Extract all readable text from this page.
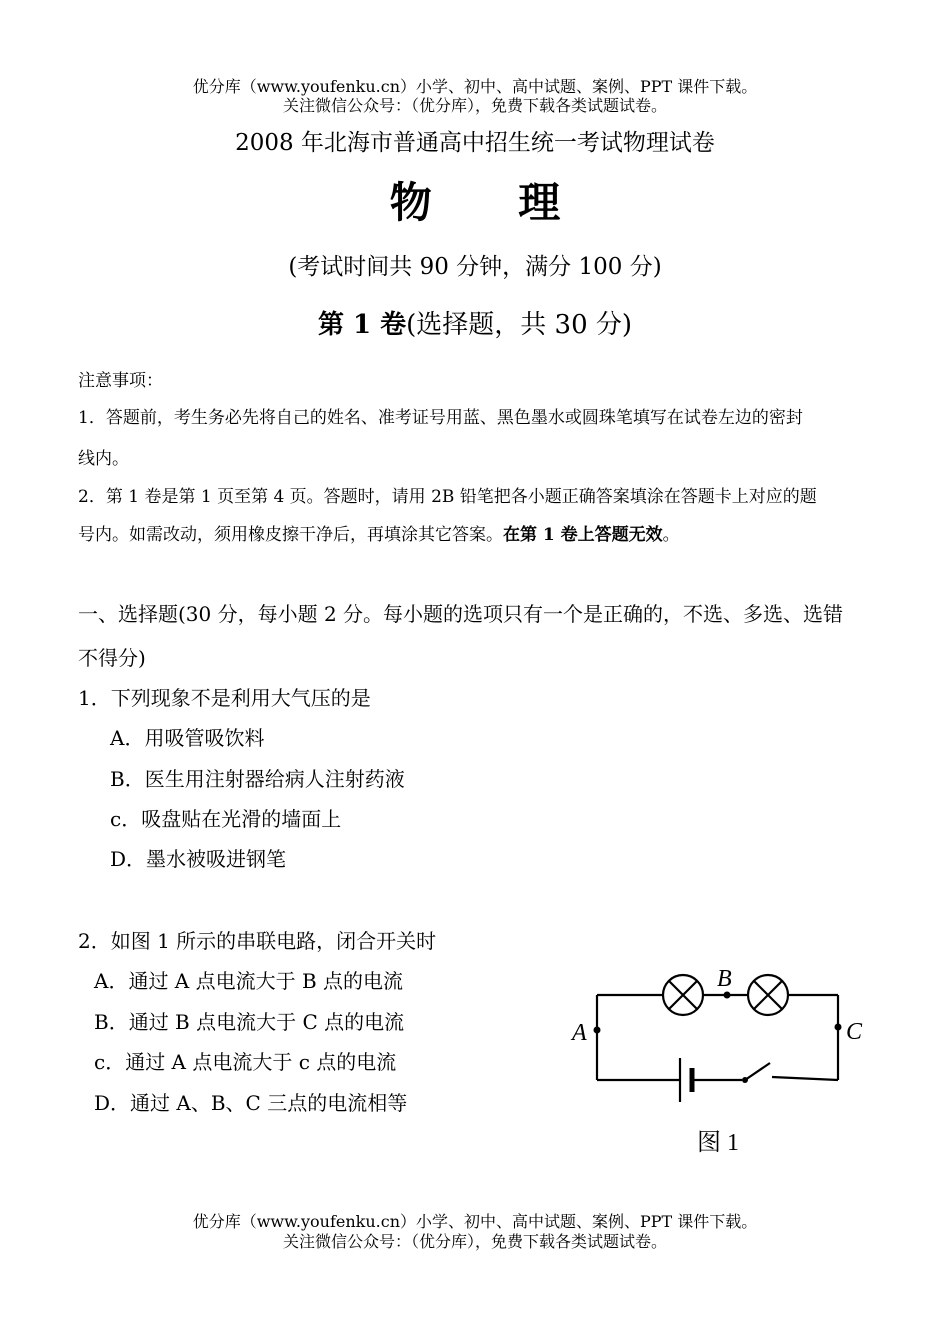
优分库（www.youfenku.cn）小学、初中、高中试题、案例、PPT 课件下载。
关注微信公众号：（优分库），免费下载各类试题试卷。
2008 年北海市普通高中招生统一考试物理试卷
物 理
(考试时间共 90 分钟，满分 100 分)
第 1 卷(选择题，共 30 分)
注意事项：
1．答题前，考生务必先将自己的姓名、准考证号用蓝、黑色墨水或圆珠笔填写在试卷左边的密封
线内。
2．第 1 卷是第 1 页至第 4 页。答题时，请用 2B 铅笔把各小题正确答案填涂在答题卡上对应的题
号内。如需改动，须用橡皮擦干净后，再填涂其它答案。在第 1 卷上答题无效。
一、选择题(30 分，每小题 2 分。每小题的选项只有一个是正确的，不选、多选、选错
不得分)
1．下列现象不是利用大气压的是
A．用吸管吸饮料
B．医生用注射器给病人注射药液
c．吸盘贴在光滑的墙面上
D．墨水被吸进钢笔
2．如图 1 所示的串联电路，闭合开关时
A．通过 A 点电流大于 B 点的电流
B．通过 B 点电流大于 C 点的电流
c．通过 A 点电流大于 c 点的电流
D．通过 A、B、C 三点的电流相等
A
B
C
图 1
优分库（www.youfenku.cn）小学、初中、高中试题、案例、PPT 课件下载。
关注微信公众号：（优分库），免费下载各类试题试卷。
